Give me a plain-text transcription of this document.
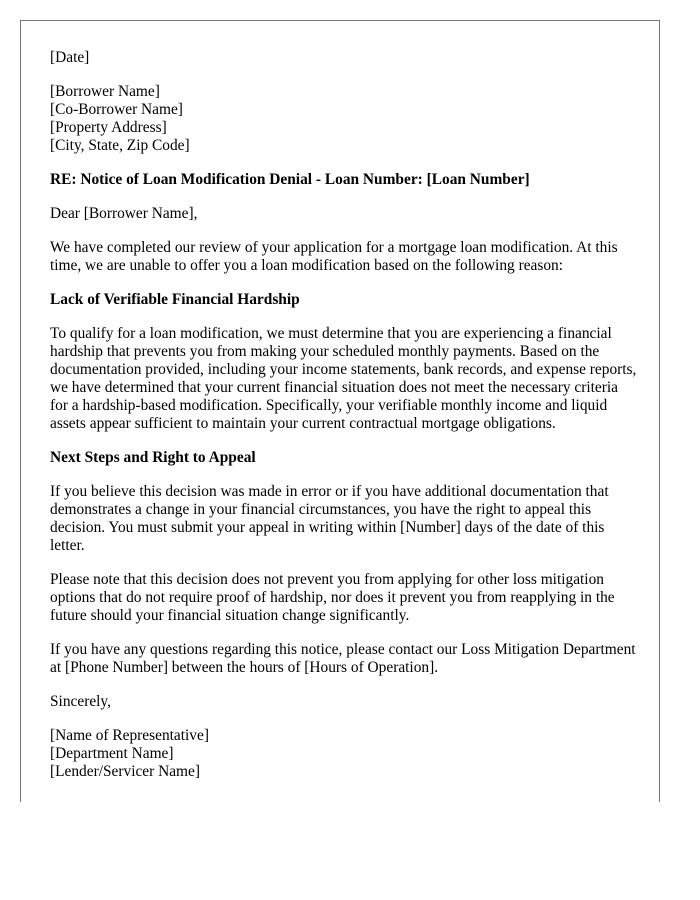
[Date]
[Borrower Name]
[Co-Borrower Name]
[Property Address]
[City, State, Zip Code]
RE: Notice of Loan Modification Denial - Loan Number: [Loan Number]
Dear [Borrower Name],
We have completed our review of your application for a mortgage loan modification. At this time, we are unable to offer you a loan modification based on the following reason:
Lack of Verifiable Financial Hardship
To qualify for a loan modification, we must determine that you are experiencing a financial hardship that prevents you from making your scheduled monthly payments. Based on the documentation provided, including your income statements, bank records, and expense reports, we have determined that your current financial situation does not meet the necessary criteria for a hardship-based modification. Specifically, your verifiable monthly income and liquid assets appear sufficient to maintain your current contractual mortgage obligations.
Next Steps and Right to Appeal
If you believe this decision was made in error or if you have additional documentation that demonstrates a change in your financial circumstances, you have the right to appeal this decision. You must submit your appeal in writing within [Number] days of the date of this letter.
Please note that this decision does not prevent you from applying for other loss mitigation options that do not require proof of hardship, nor does it prevent you from reapplying in the future should your financial situation change significantly.
If you have any questions regarding this notice, please contact our Loss Mitigation Department at [Phone Number] between the hours of [Hours of Operation].
Sincerely,
[Name of Representative]
[Department Name]
[Lender/Servicer Name]
